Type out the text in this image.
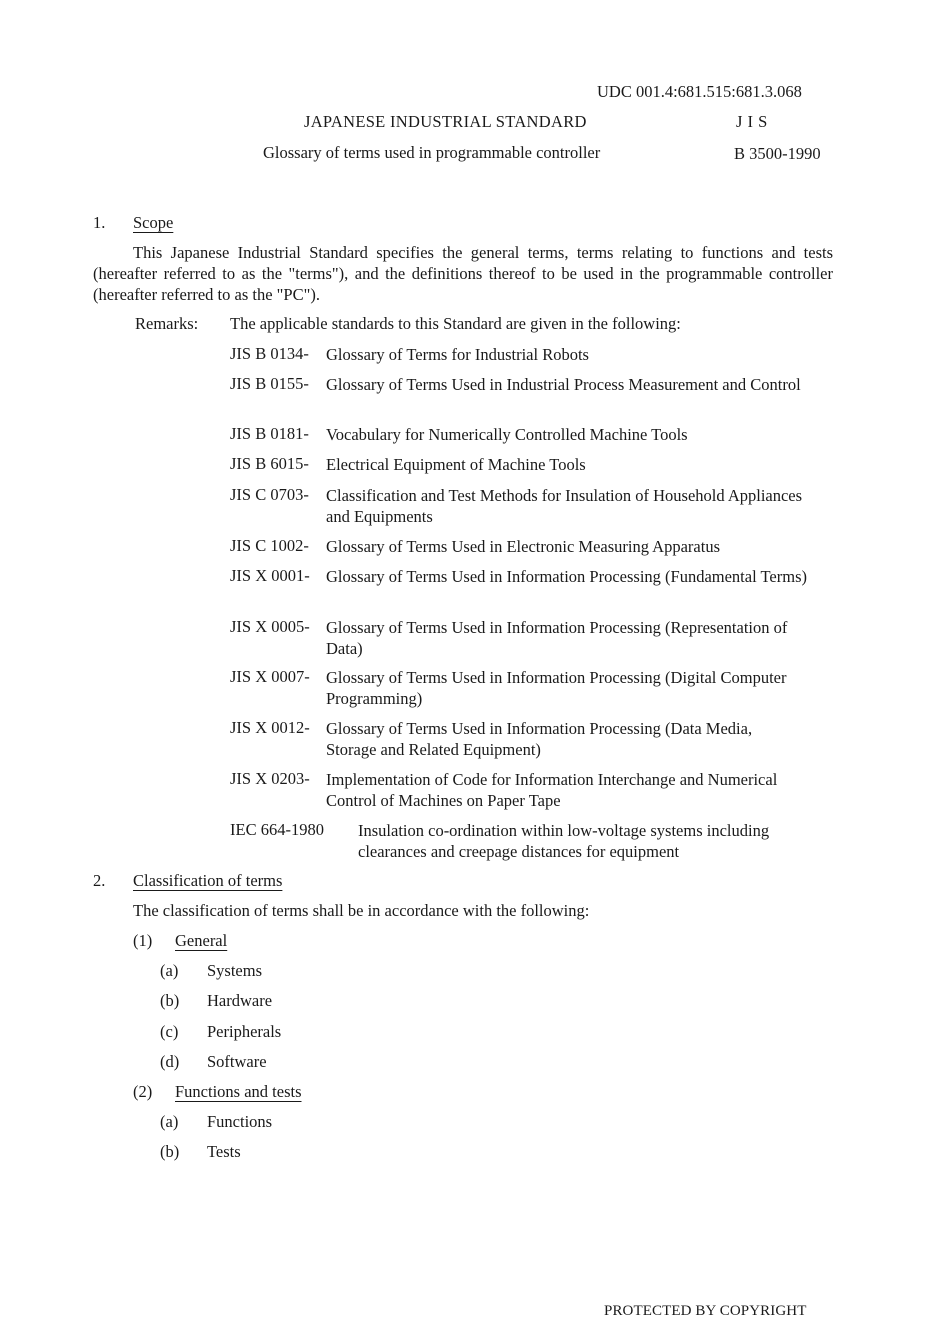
UDC 001.4:681.515:681.3.068
JAPANESE INDUSTRIAL STANDARD	J I S
Glossary of terms used in programmable controller	B 3500-1990
1. Scope
This Japanese Industrial Standard specifies the general terms, terms relating to functions and tests (hereafter referred to as the "terms"), and the definitions thereof to be used in the programmable controller (hereafter referred to as the "PC").
Remarks: The applicable standards to this Standard are given in the following:
JIS B 0134-	Glossary of Terms for Industrial Robots
JIS B 0155-	Glossary of Terms Used in Industrial Process Measurement and Control
JIS B 0181-	Vocabulary for Numerically Controlled Machine Tools
JIS B 6015-	Electrical Equipment of Machine Tools
JIS C 0703-	Classification and Test Methods for Insulation of Household Appliances and Equipments
JIS C 1002-	Glossary of Terms Used in Electronic Measuring Apparatus
JIS X 0001- Glossary of Terms Used in Information Processing (Fundamental Terms)
JIS X 0005- Glossary of Terms Used in Information Processing (Representation of Data)
JIS X 0007- Glossary of Terms Used in Information Processing (Digital Computer Programming)
JIS X 0012- Glossary of Terms Used in Information Processing (Data Media, Storage and Related Equipment)
JIS X 0203- Implementation of Code for Information Interchange and Numerical Control of Machines on Paper Tape
IEC 664-1980 Insulation co-ordination within low-voltage systems including clearances and creepage distances for equipment
2. Classification of terms
The classification of terms shall be in accordance with the following:
(1) General
(a) Systems
(b) Hardware
(c) Peripherals
(d) Software
(2) Functions and tests
(a) Functions
(b) Tests
PROTECTED BY COPYRIGHT
